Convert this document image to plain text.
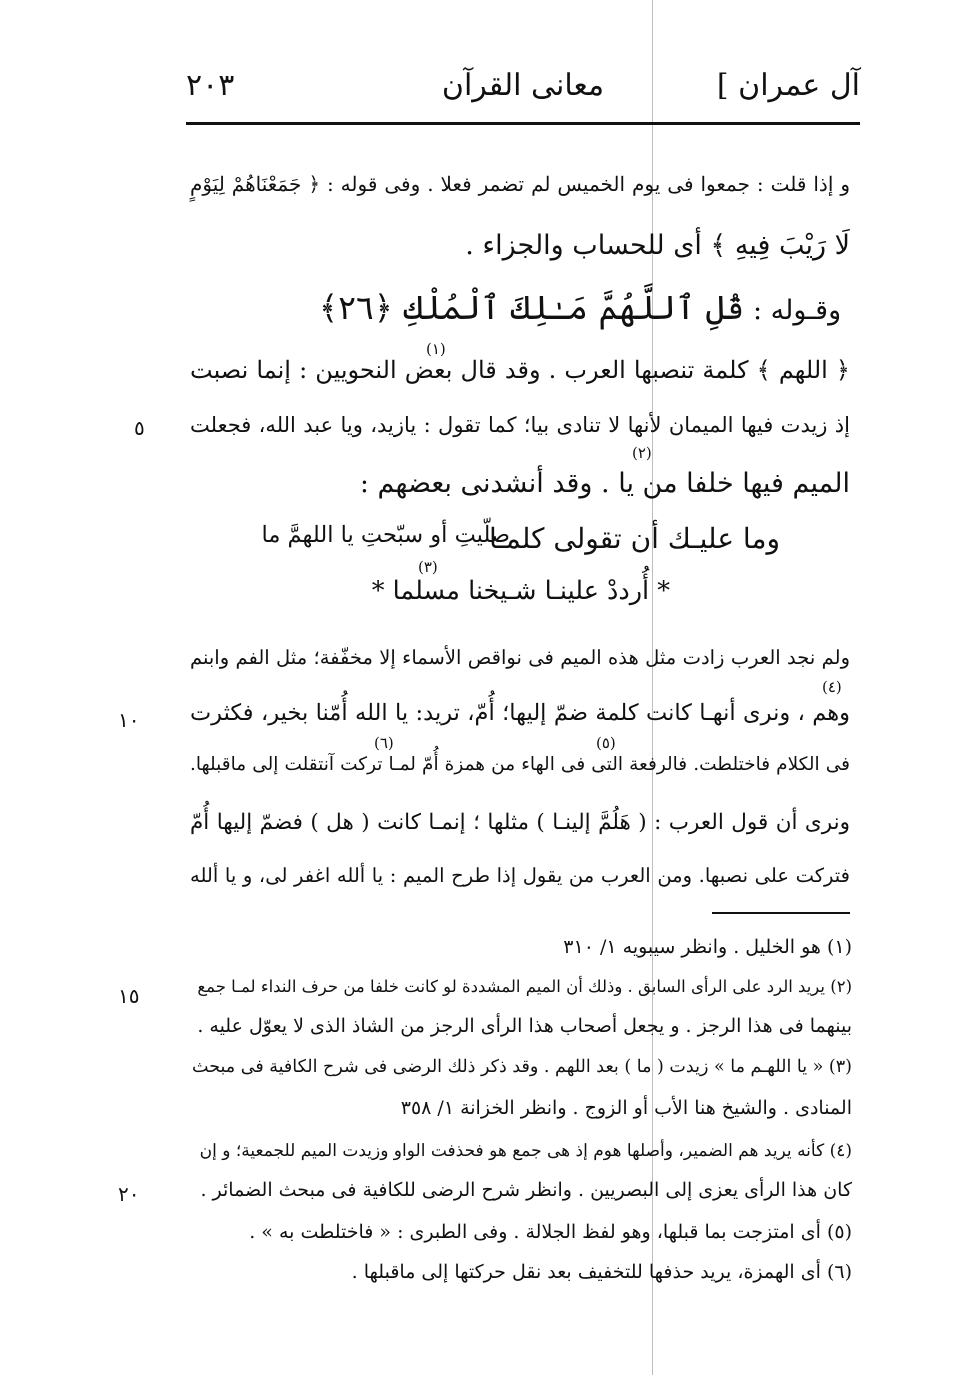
آل عمران ]
معانى القرآن
٢٠٣
و إذا قلت : جمعوا فى يوم الخميس لم تضمر فعلا . وفى قوله : ﴿ جَمَعْنَاهُمْ لِيَوْمٍ
لَا رَيْبَ فِيهِ ﴾ أى للحساب والجزاء .
وقـوله : قُلِ ٱللَّهُمَّ مَـٰلِكَ ٱلْمُلْكِ ﴿٢٦﴾
(١)
﴿ اللهم ﴾ كلمة تنصبها العرب . وقد قال بعض النحويين : إنما نصبت
إذ زيدت فيها الميمان لأنها لا تنادى بيا؛ كما تقول : يازيد، ويا عبد الله، فجعلت
(٢)
الميم فيها خلفا من يا . وقد أنشدنى بعضهم :
وما عليـك أن تقولى كلمـا
صلّيتِ أو سبّحتِ يا اللهمَّ ما
(٣)
* أُرددْ علينـا شـيخنا مسلما *
ولم نجد العرب زادت مثل هذه الميم فى نواقص الأسماء إلا مخفّفة؛ مثل الفم وابنم
(٤)
وهم ، ونرى أنهـا كانت كلمة ضمّ إليها؛ أُمّ، تريد: يا الله أُمّنا بخير، فكثرت
(٥)
(٦)
فى الكلام فاختلطت. فالرفعة التى فى الهاء من همزة أُمّ لمـا تركت آنتقلت إلى ماقبلها.
ونرى أن قول العرب : ( هَلُمَّ إلينـا ) مثلها ؛ إنمـا كانت ( هل ) فضمّ إليها أُمّ
فتركت على نصبها. ومن العرب من يقول إذا طرح الميم : يا ألله اغفر لى، و يا ألله
٥
١٠
١٥
٢٠
(١) هو الخليل . وانظر سيبويه ١/ ٣١٠
(٢) يريد الرد على الرأى السابق . وذلك أن الميم المشددة لو كانت خلفا من حرف النداء لمـا جمع
بينهما فى هذا الرجز . و يجعل أصحاب هذا الرأى الرجز من الشاذ الذى لا يعوّل عليه .
(٣) « يا اللهـم ما » زيدت ( ما ) بعد اللهم . وقد ذكر ذلك الرضى فى شرح الكافية فى مبحث
المنادى . والشيخ هنا الأب أو الزوج . وانظر الخزانة ١/ ٣٥٨
(٤) كأنه يريد هم الضمير، وأصلها هوم إذ هى جمع هو فحذفت الواو وزيدت الميم للجمعية؛ و إن
كان هذا الرأى يعزى إلى البصريين . وانظر شرح الرضى للكافية فى مبحث الضمائر .
(٥) أى امتزجت بما قبلها، وهو لفظ الجلالة . وفى الطبرى : « فاختلطت به » .
(٦) أى الهمزة، يريد حذفها للتخفيف بعد نقل حركتها إلى ماقبلها .
